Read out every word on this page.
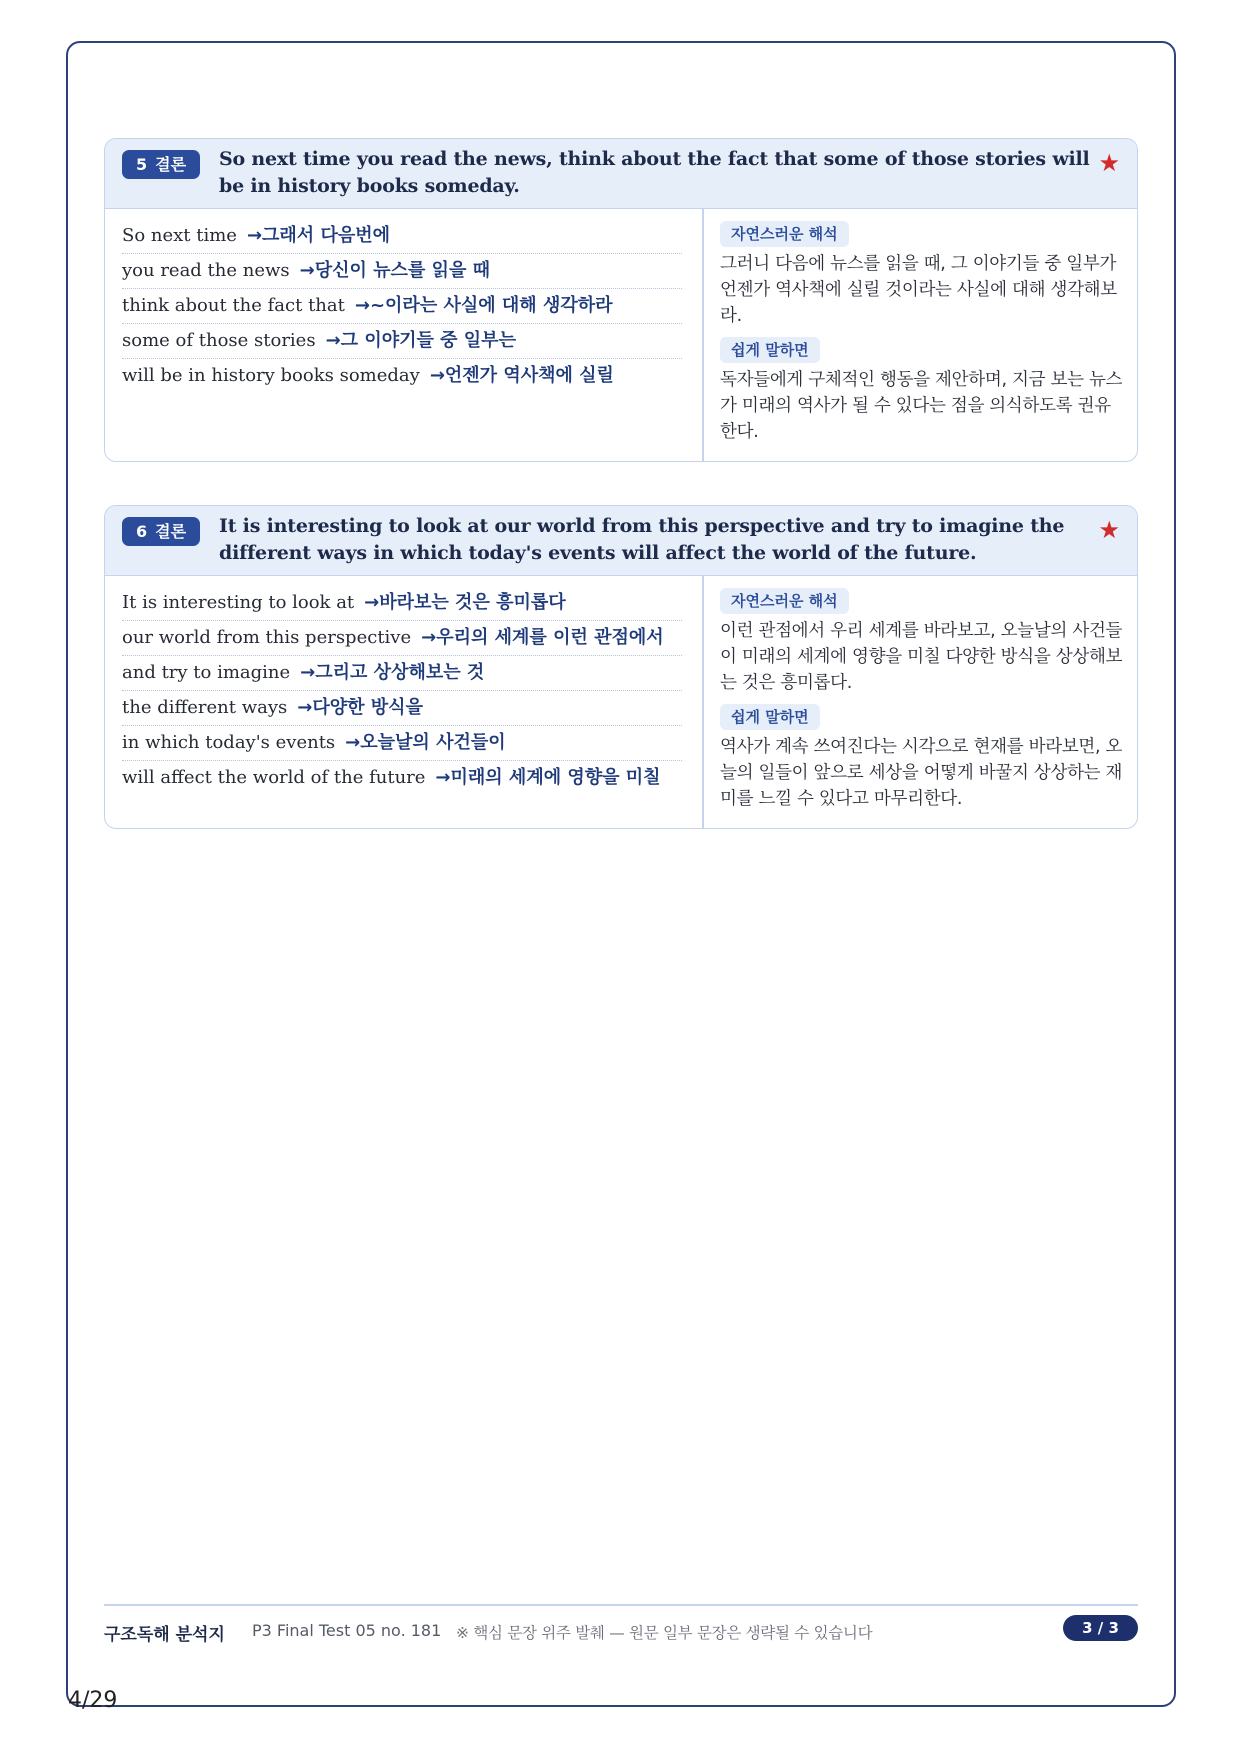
5 결론	So next time you read the news, think about the fact that some of those stories will be in history books someday.
★
So next time →그래서 다음번에
you read the news →당신이 뉴스를 읽을 때
think about the fact that →~이라는 사실에 대해 생각하라
some of those stories →그 이야기들 중 일부는
will be in history books someday →언젠가 역사책에 실릴
자연스러운 해석
그러니 다음에 뉴스를 읽을 때, 그 이야기들 중 일부가 언젠가 역사책에 실릴 것이라는 사실에 대해 생각해보라.
쉽게 말하면
독자들에게 구체적인 행동을 제안하며, 지금 보는 뉴스가 미래의 역사가 될 수 있다는 점을 의식하도록 권유한다.
6 결론	It is interesting to look at our world from this perspective and try to imagine the different ways in which today's events will affect the world of the future.
★
It is interesting to look at →바라보는 것은 흥미롭다
our world from this perspective →우리의 세계를 이런 관점에서
and try to imagine →그리고 상상해보는 것
the different ways →다양한 방식을
in which today's events →오늘날의 사건들이
will affect the world of the future →미래의 세계에 영향을 미칠
자연스러운 해석
이런 관점에서 우리 세계를 바라보고, 오늘날의 사건들이 미래의 세계에 영향을 미칠 다양한 방식을 상상해보는 것은 흥미롭다.
쉽게 말하면
역사가 계속 쓰여진다는 시각으로 현재를 바라보면, 오늘의 일들이 앞으로 세상을 어떻게 바꿀지 상상하는 재미를 느낄 수 있다고 마무리한다.
구조독해 분석지 P3 Final Test 05 no. 181 ※ 핵심 문장 위주 발췌 — 원문 일부 문장은 생략될 수 있습니다	3 / 3
4/29
